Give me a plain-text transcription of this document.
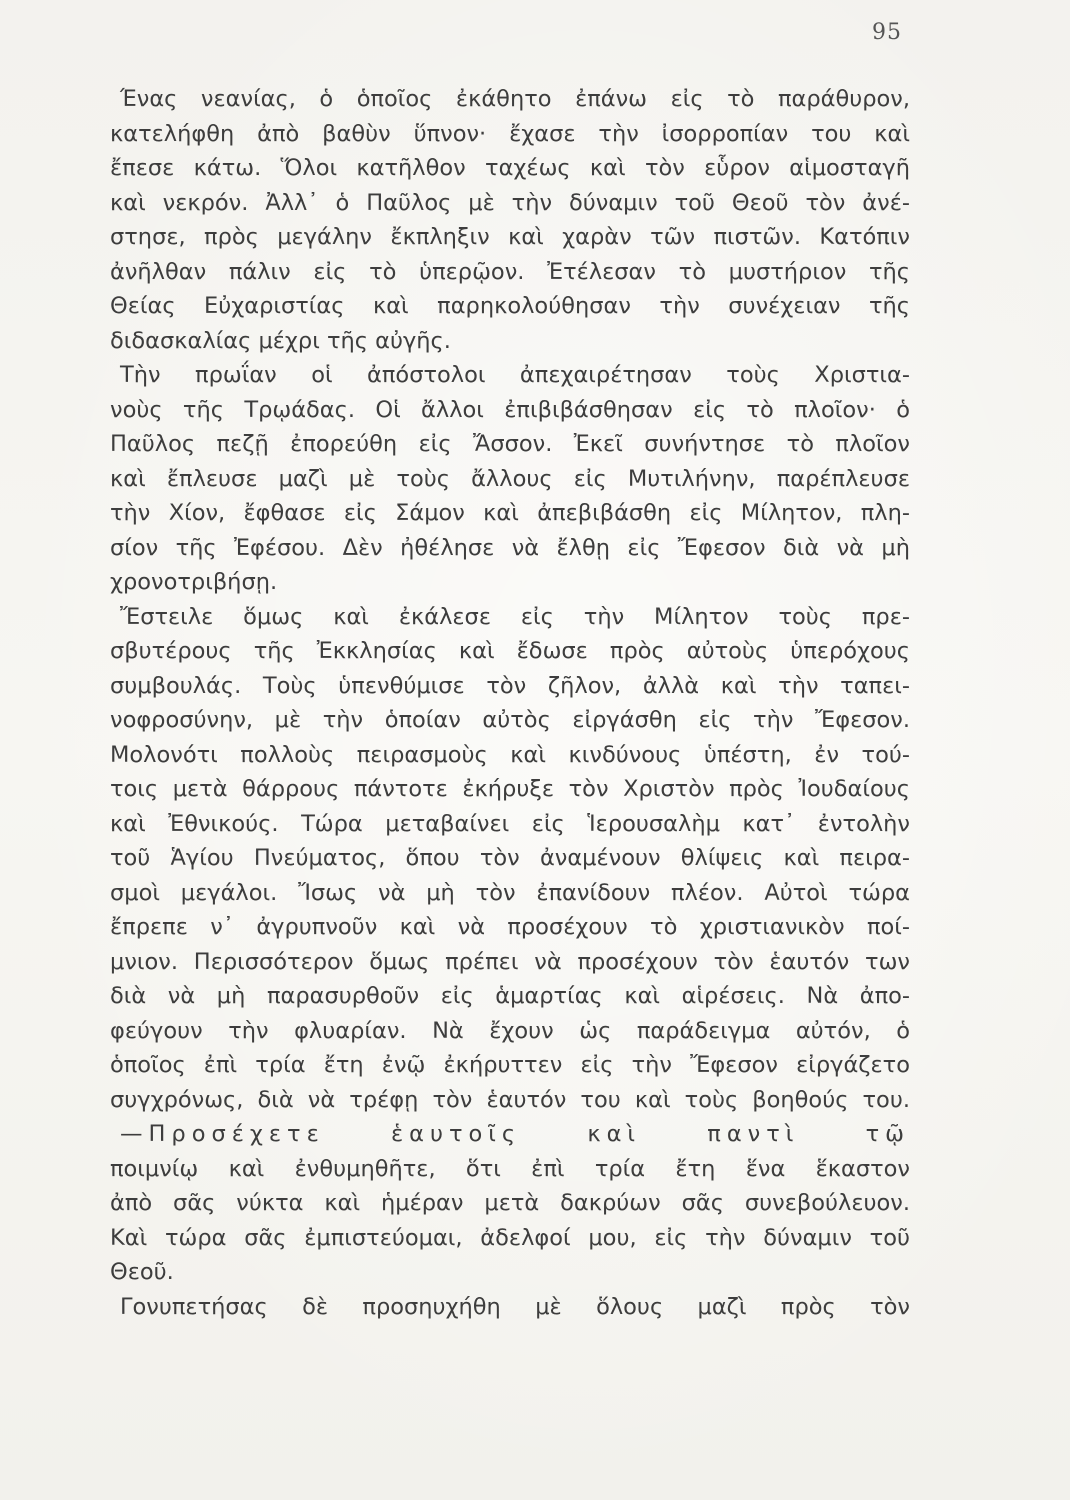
95
Ένας νεανίας, ὁ ὁποῖος ἐκάθητο ἐπάνω εἰς τὸ παράθυρον,
κατελήφθη ἀπὸ βαθὺν ὕπνον· ἔχασε τὴν ἰσορροπίαν του καὶ
ἔπεσε κάτω. Ὅλοι κατῆλθον ταχέως καὶ τὸν εὗρον αἱμοσταγῆ
καὶ νεκρόν. Ἀλλ᾽ ὁ Παῦλος μὲ τὴν δύναμιν τοῦ Θεοῦ τὸν ἀνέ-
στησε, πρὸς μεγάλην ἔκπληξιν καὶ χαρὰν τῶν πιστῶν. Κατόπιν
ἀνῆλθαν πάλιν εἰς τὸ ὑπερῷον. Ἐτέλεσαν τὸ μυστήριον τῆς
Θείας Εὐχαριστίας καὶ παρηκολούθησαν τὴν συνέχειαν τῆς
διδασκαλίας μέχρι τῆς αὐγῆς.
Τὴν πρωΐαν οἱ ἀπόστολοι ἀπεχαιρέτησαν τοὺς Χριστια-
νοὺς τῆς Τρῳάδας. Οἱ ἄλλοι ἐπιβιβάσθησαν εἰς τὸ πλοῖον· ὁ
Παῦλος πεζῇ ἐπορεύθη εἰς Ἄσσον. Ἐκεῖ συνήντησε τὸ πλοῖον
καὶ ἔπλευσε μαζὶ μὲ τοὺς ἄλλους εἰς Μυτιλήνην, παρέπλευσε
τὴν Χίον, ἔφθασε εἰς Σάμον καὶ ἀπεβιβάσθη εἰς Μίλητον, πλη-
σίον τῆς Ἐφέσου. Δὲν ἠθέλησε νὰ ἔλθῃ εἰς Ἔφεσον διὰ νὰ μὴ
χρονοτριβήσῃ.
Ἔστειλε ὅμως καὶ ἐκάλεσε εἰς τὴν Μίλητον τοὺς πρε-
σβυτέρους τῆς Ἐκκλησίας καὶ ἔδωσε πρὸς αὐτοὺς ὑπερόχους
συμβουλάς. Τοὺς ὑπενθύμισε τὸν ζῆλον, ἀλλὰ καὶ τὴν ταπει-
νοφροσύνην, μὲ τὴν ὁποίαν αὐτὸς εἰργάσθη εἰς τὴν Ἔφεσον.
Μολονότι πολλοὺς πειρασμοὺς καὶ κινδύνους ὑπέστη, ἐν τού-
τοις μετὰ θάρρους πάντοτε ἐκήρυξε τὸν Χριστὸν πρὸς Ἰουδαίους
καὶ Ἐθνικούς. Τώρα μεταβαίνει εἰς Ἱερουσαλὴμ κατ᾽ ἐντολὴν
τοῦ Ἁγίου Πνεύματος, ὅπου τὸν ἀναμένουν θλίψεις καὶ πειρα-
σμοὶ μεγάλοι. Ἴσως νὰ μὴ τὸν ἐπανίδουν πλέον. Αὐτοὶ τώρα
ἔπρεπε ν᾽ ἀγρυπνοῦν καὶ νὰ προσέχουν τὸ χριστιανικὸν ποί-
μνιον. Περισσότερον ὅμως πρέπει νὰ προσέχουν τὸν ἑαυτόν των
διὰ νὰ μὴ παρασυρθοῦν εἰς ἁμαρτίας καὶ αἱρέσεις. Νὰ ἀπο-
φεύγουν τὴν φλυαρίαν. Νὰ ἔχουν ὡς παράδειγμα αὐτόν, ὁ
ὁποῖος ἐπὶ τρία ἔτη ἐνῷ ἐκήρυττεν εἰς τὴν Ἔφεσον εἰργάζετο
συγχρόνως, διὰ νὰ τρέφῃ τὸν ἑαυτόν του καὶ τοὺς βοηθούς του.
—Προσέχετε ἑαυτοῖς καὶ παντὶ τῷ
ποιμνίῳ καὶ ἐνθυμηθῆτε, ὅτι ἐπὶ τρία ἔτη ἕνα ἕκαστον
ἀπὸ σᾶς νύκτα καὶ ἡμέραν μετὰ δακρύων σᾶς συνεβούλευον.
Καὶ τώρα σᾶς ἐμπιστεύομαι, ἀδελφοί μου, εἰς τὴν δύναμιν τοῦ
Θεοῦ.
Γονυπετήσας δὲ προσηυχήθη μὲ ὅλους μαζὶ πρὸς τὸν
